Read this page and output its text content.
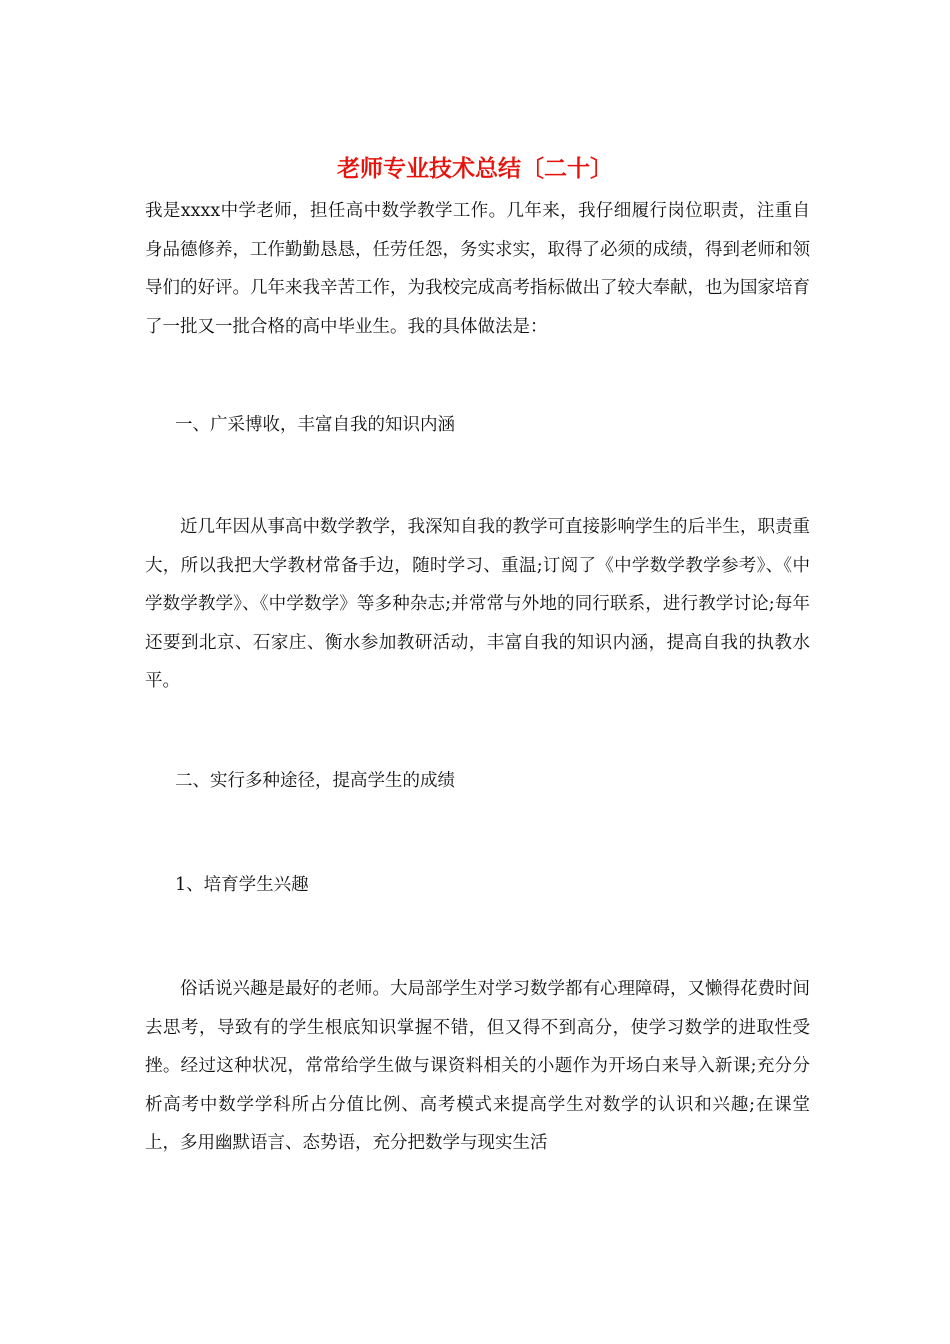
老师专业技术总结〔二十〕

我是xxxx中学老师，担任高中数学教学工作。几年来，我仔细履行岗位职责，注重自身品德修养，工作勤勤恳恳，任劳任怨，务实求实，取得了必须的成绩，得到老师和领导们的好评。几年来我辛苦工作，为我校完成高考指标做出了较大奉献，也为国家培育了一批又一批合格的高中毕业生。我的具体做法是：

一、广采博收，丰富自我的知识内涵

近几年因从事高中数学教学，我深知自我的教学可直接影响学生的后半生，职责重大，所以我把大学教材常备手边，随时学习、重温;订阅了《中学数学教学参考》、《中学数学教学》、《中学数学》等多种杂志;并常常与外地的同行联系，进行教学讨论;每年还要到北京、石家庄、衡水参加教研活动，丰富自我的知识内涵，提高自我的执教水平。

二、实行多种途径，提高学生的成绩

1、培育学生兴趣

俗话说兴趣是最好的老师。大局部学生对学习数学都有心理障碍，又懒得花费时间去思考，导致有的学生根底知识掌握不错，但又得不到高分，使学习数学的进取性受挫。经过这种状况，常常给学生做与课资料相关的小题作为开场白来导入新课;充分分析高考中数学学科所占分值比例、高考模式来提高学生对数学的认识和兴趣;在课堂上，多用幽默语言、态势语，充分把数学与现实生活
